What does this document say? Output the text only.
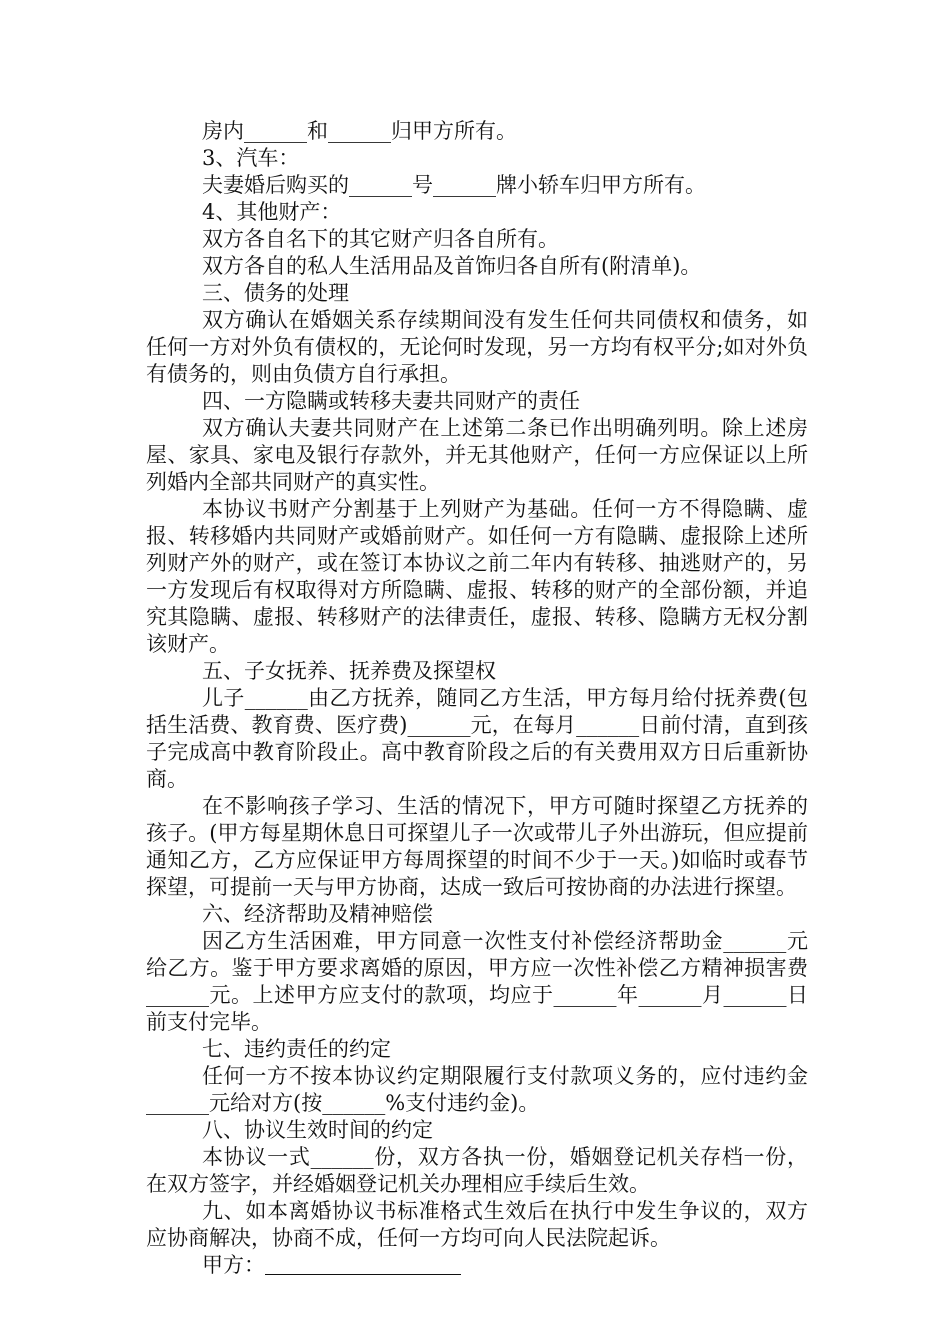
房内______和______归甲方所有。

3、汽车：

夫妻婚后购买的______号______牌小轿车归甲方所有。

4、其他财产：

双方各自名下的其它财产归各自所有。

双方各自的私人生活用品及首饰归各自所有(附清单)。

三、债务的处理

双方确认在婚姻关系存续期间没有发生任何共同债权和债务，如任何一方对外负有债权的，无论何时发现，另一方均有权平分;如对外负有债务的，则由负债方自行承担。

四、一方隐瞒或转移夫妻共同财产的责任

双方确认夫妻共同财产在上述第二条已作出明确列明。除上述房屋、家具、家电及银行存款外，并无其他财产，任何一方应保证以上所列婚内全部共同财产的真实性。

本协议书财产分割基于上列财产为基础。任何一方不得隐瞒、虚报、转移婚内共同财产或婚前财产。如任何一方有隐瞒、虚报除上述所列财产外的财产，或在签订本协议之前二年内有转移、抽逃财产的，另一方发现后有权取得对方所隐瞒、虚报、转移的财产的全部份额，并追究其隐瞒、虚报、转移财产的法律责任，虚报、转移、隐瞒方无权分割该财产。

五、子女抚养、抚养费及探望权

儿子______由乙方抚养，随同乙方生活，甲方每月给付抚养费(包括生活费、教育费、医疗费)______元，在每月______日前付清，直到孩子完成高中教育阶段止。高中教育阶段之后的有关费用双方日后重新协商。

在不影响孩子学习、生活的情况下，甲方可随时探望乙方抚养的孩子。(甲方每星期休息日可探望儿子一次或带儿子外出游玩，但应提前通知乙方，乙方应保证甲方每周探望的时间不少于一天。)如临时或春节探望，可提前一天与甲方协商，达成一致后可按协商的办法进行探望。

六、经济帮助及精神赔偿

因乙方生活困难，甲方同意一次性支付补偿经济帮助金______元给乙方。鉴于甲方要求离婚的原因，甲方应一次性补偿乙方精神损害费______元。上述甲方应支付的款项，均应于______年______月______日前支付完毕。

七、违约责任的约定

任何一方不按本协议约定期限履行支付款项义务的，应付违约金______元给对方(按______%支付违约金)。

八、协议生效时间的约定

本协议一式______份，双方各执一份，婚姻登记机关存档一份，在双方签字，并经婚姻登记机关办理相应手续后生效。

九、如本离婚协议书标准格式生效后在执行中发生争议的，双方应协商解决，协商不成，任何一方均可向人民法院起诉。

甲方：
